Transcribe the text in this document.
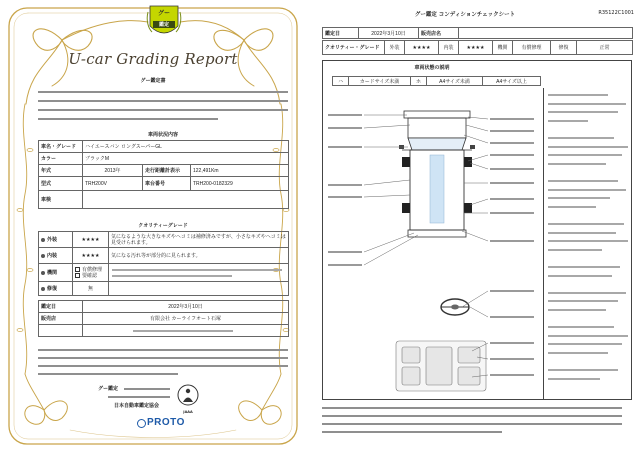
グー
鑑定
U-car Grading Report
グー鑑定書
車両状況内容
車名・グレード	ハイエースバン ロングスーパーGL		
カラー	ブラックM		
年式	2013年	走行距離計表示	122,491Km
型式	TRH200V	車台番号	TRH200-0182329
車検			
クオリティーグレード
外装	★★★★	気になるような大きなキズやヘコミは補修済みですが、小さなキズやヘコミは見受けられます。
内装	★★★★	気になる汚れ等が部分的に見られます。
機関	有償修理
要確認	

修復	無	
鑑定日	2022年3月10日
販売店	有限会社 カーライフオート石塚

グー鑑定
日本自動車鑑定協会
JAAA
PROTO
グー鑑定 コンディションチェックシート	R35122C1001
鑑定日	2022年3月10日	販売店名	
クオリティー・グレード	外装	★★★★	内装	★★★★	機関	有償修理	修復	正常
車両状態の説明
ハ	カードサイズ未満	ホ	A4サイズ未満	A4サイズ以上
